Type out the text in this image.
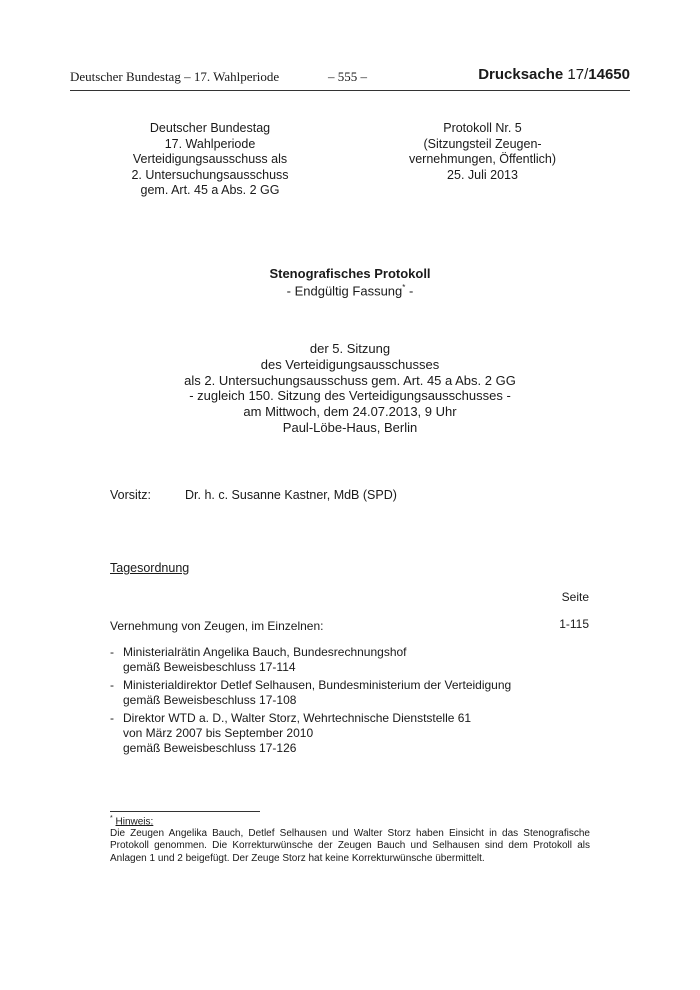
Deutscher Bundestag – 17. Wahlperiode	– 555 –	Drucksache 17/14650
Deutscher Bundestag
17. Wahlperiode
Verteidigungsausschuss als
2. Untersuchungsausschuss
gem. Art. 45 a Abs. 2 GG
Protokoll Nr. 5
(Sitzungsteil Zeugen-
vernehmungen, Öffentlich)
25. Juli 2013
Stenografisches Protokoll
- Endgültig Fassung* -
der 5. Sitzung
des Verteidigungsausschusses
als 2. Untersuchungsausschuss gem. Art. 45 a Abs. 2 GG
- zugleich 150. Sitzung des Verteidigungsausschusses -
am Mittwoch, dem 24.07.2013, 9 Uhr
Paul-Löbe-Haus, Berlin
Vorsitz:	Dr. h. c. Susanne Kastner, MdB (SPD)
Tagesordnung
Seite
Vernehmung von Zeugen, im Einzelnen:	1-115
- Ministerialrätin Angelika Bauch, Bundesrechnungshof
gemäß Beweisbeschluss 17-114
- Ministerialdirektor Detlef Selhausen, Bundesministerium der Verteidigung
gemäß Beweisbeschluss 17-108
- Direktor WTD a. D., Walter Storz, Wehrtechnische Dienststelle 61
von März 2007 bis September 2010
gemäß Beweisbeschluss 17-126
* Hinweis:
Die Zeugen Angelika Bauch, Detlef Selhausen und Walter Storz haben Einsicht in das Stenografische Protokoll genommen. Die Korrekturwünsche der Zeugen Bauch und Selhausen sind dem Protokoll als Anlagen 1 und 2 beigefügt. Der Zeuge Storz hat keine Korrekturwünsche übermittelt.
